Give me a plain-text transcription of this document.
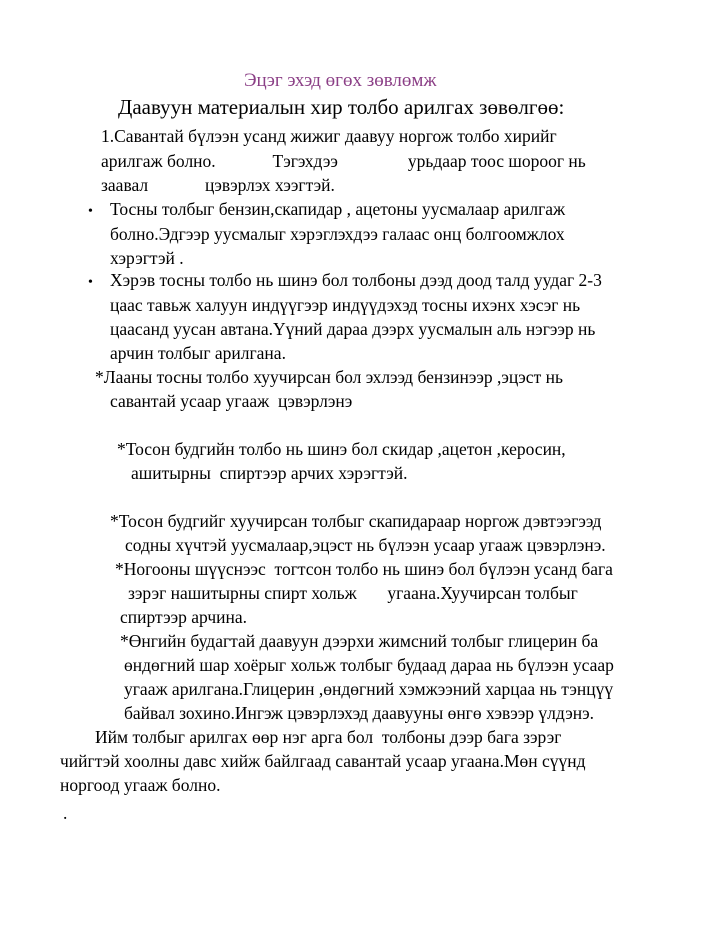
Эцэг эхэд өгөх зөвлөмж
Даавуун материалын хир толбо арилгах зөвөлгөө:
1.Савантай бүлээн усанд жижиг даавуу норгож толбо хирийг
арилгаж болно.             Тэгэхдээ                урьдаар тоос шороог нь
заавал             цэвэрлэх хээгтэй.
• Тосны толбыг бензин,скапидар , ацетоны уусмалаар арилгаж
болно.Эдгээр уусмалыг хэрэглэхдээ галаас онц болгоомжлох
хэрэгтэй .
• Хэрэв тосны толбо нь шинэ бол толбоны дээд доод талд уудаг 2-3
цаас тавьж халуун индүүгээр индүүдэхэд тосны ихэнх хэсэг нь
цаасанд уусан автана.Үүний дараа дээрх уусмалын аль нэгээр нь
арчин толбыг арилгана.
*Лааны тосны толбо хуучирсан бол эхлээд бензинээр ,эцэст нь
савантай усаар угааж  цэвэрлэнэ
*Тосон будгийн толбо нь шинэ бол скидар ,ацетон ,керосин,
ашитырны  спиртээр арчих хэрэгтэй.
*Тосон будгийг хуучирсан толбыг скапидараар норгож дэвтээгээд
содны хүчтэй уусмалаар,эцэст нь бүлээн усаар угааж цэвэрлэнэ.
*Ногооны шүүснээс  тогтсон толбо нь шинэ бол бүлээн усанд бага
зэрэг нашитырны спирт хольж       угаана.Хуучирсан толбыг
спиртээр арчина.
*Өнгийн будагтай даавуун дээрхи жимсний толбыг глицерин ба
өндөгний шар хоёрыг хольж толбыг будаад дараа нь бүлээн усаар
угааж арилгана.Глицерин ,өндөгний хэмжээний харцаа нь тэнцүү
байвал зохино.Ингэж цэвэрлэхэд даавууны өнгө хэвээр үлдэнэ.
Ийм толбыг арилгах өөр нэг арга бол  толбоны дээр бага зэрэг
чийгтэй хоолны давс хийж байлгаад савантай усаар угаана.Мөн сүүнд
норгоод угааж болно.
.
